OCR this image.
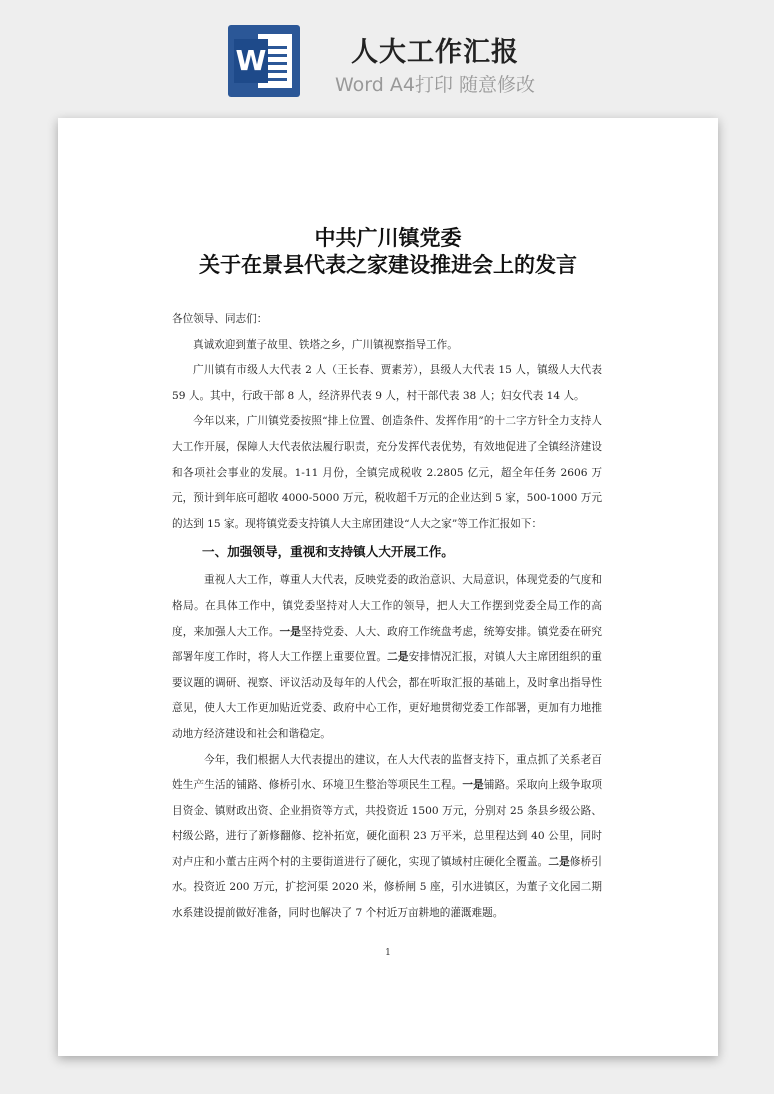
W	人大工作汇报
Word A4打印 随意修改
中共广川镇党委
关于在景县代表之家建设推进会上的发言

各位领导、同志们：

真诚欢迎到董子故里、铁塔之乡，广川镇视察指导工作。

广川镇有市级人大代表 2 人（王长春、贾素芳），县级人大代表 15 人，镇级人大代表 59 人。其中，行政干部 8 人，经济界代表 9 人，村干部代表 38 人；妇女代表 14 人。

今年以来，广川镇党委按照“排上位置、创造条件、发挥作用”的十二字方针全力支持人大工作开展，保障人大代表依法履行职责，充分发挥代表优势，有效地促进了全镇经济建设和各项社会事业的发展。1-11 月份，全镇完成税收 2.2805 亿元，超全年任务 2606 万元，预计到年底可超收 4000-5000 万元，税收超千万元的企业达到 5 家，500-1000 万元的达到 15 家。现将镇党委支持镇人大主席团建设“人大之家”等工作汇报如下：

一、加强领导，重视和支持镇人大开展工作。

重视人大工作，尊重人大代表，反映党委的政治意识、大局意识，体现党委的气度和格局。在具体工作中，镇党委坚持对人大工作的领导，把人大工作摆到党委全局工作的高度，来加强人大工作。一是坚持党委、人大、政府工作统盘考虑，统筹安排。镇党委在研究部署年度工作时，将人大工作摆上重要位置。二是安排情况汇报，对镇人大主席团组织的重要议题的调研、视察、评议活动及每年的人代会，都在听取汇报的基础上，及时拿出指导性意见，使人大工作更加贴近党委、政府中心工作，更好地贯彻党委工作部署，更加有力地推动地方经济建设和社会和谐稳定。

今年，我们根据人大代表提出的建议，在人大代表的监督支持下，重点抓了关系老百姓生产生活的铺路、修桥引水、环境卫生整治等项民生工程。一是铺路。采取向上级争取项目资金、镇财政出资、企业捐资等方式，共投资近 1500 万元，分别对 25 条县乡级公路、村级公路，进行了新修翻修、挖补拓宽，硬化面积 23 万平米，总里程达到 40 公里，同时对卢庄和小董古庄两个村的主要街道进行了硬化，实现了镇域村庄硬化全覆盖。二是修桥引水。投资近 200 万元，扩挖河渠 2020 米，修桥闸 5 座，引水进镇区，为董子文化园二期水系建设提前做好准备，同时也解决了 7 个村近万亩耕地的灌溉难题。

1
